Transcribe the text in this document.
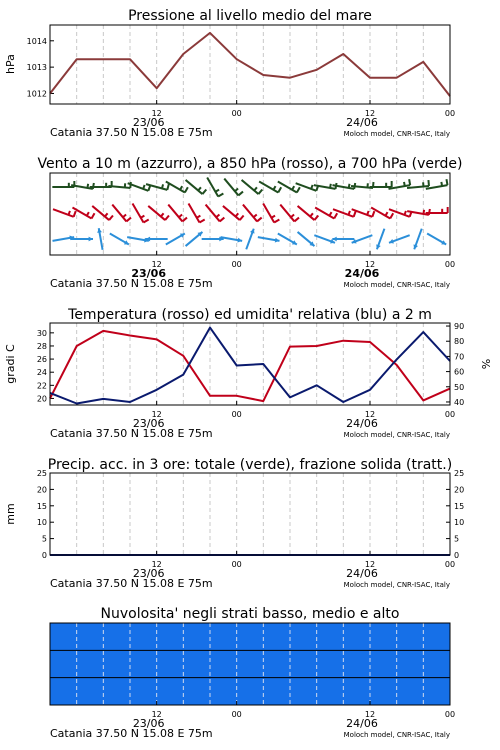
Pressione al livello medio del mare
hPa
12	00	12	00
23/06	24/06
Catania 37.50 N 15.08 E 75m	Moloch model, CNR-ISAC, Italy
1012
1013
1014
Vento a 10 m (azzurro), a 850 hPa (rosso), a 700 hPa (verde)
12	00	12	00
23/06	24/06
Catania 37.50 N 15.08 E 75m	Moloch model, CNR-ISAC, Italy
Temperatura (rosso) ed umidita' relativa (blu) a 2 m
gradi C	%
12	00	12	00
23/06	24/06
Catania 37.50 N 15.08 E 75m	Moloch model, CNR-ISAC, Italy
20
22
24
26
28
30
40
50
60
70
80
90
Precip. acc. in 3 ore: totale (verde), frazione solida (tratt.)
mm
12	00	12	00
23/06	24/06
Catania 37.50 N 15.08 E 75m	Moloch model, CNR-ISAC, Italy
0
5
10
15
20
25
0
5
10
15
20
25
Nuvolosita' negli strati basso, medio e alto
12	00	12	00
23/06	24/06
Catania 37.50 N 15.08 E 75m	Moloch model, CNR-ISAC, Italy
